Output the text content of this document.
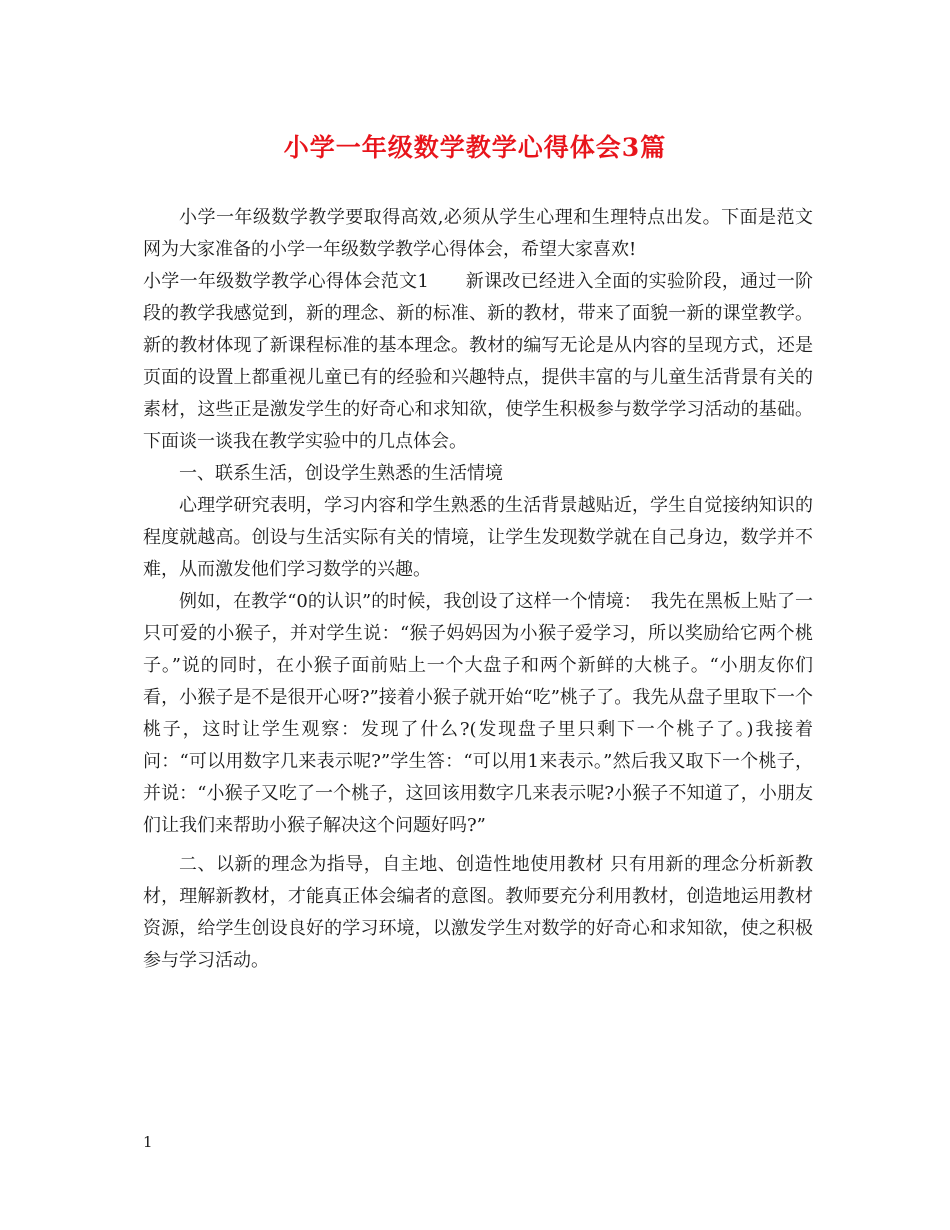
小学一年级数学教学心得体会3篇

小学一年级数学教学要取得高效,必须从学生心理和生理特点出发。下面是范文网为大家准备的小学一年级数学教学心得体会，希望大家喜欢!

小学一年级数学教学心得体会范文1　　新课改已经进入全面的实验阶段，通过一阶段的教学我感觉到，新的理念、新的标准、新的教材，带来了面貌一新的课堂教学。新的教材体现了新课程标准的基本理念。教材的编写无论是从内容的呈现方式，还是页面的设置上都重视儿童已有的经验和兴趣特点，提供丰富的与儿童生活背景有关的素材，这些正是激发学生的好奇心和求知欲，使学生积极参与数学学习活动的基础。下面谈一谈我在教学实验中的几点体会。

一、联系生活，创设学生熟悉的生活情境

心理学研究表明，学习内容和学生熟悉的生活背景越贴近，学生自觉接纳知识的程度就越高。创设与生活实际有关的情境，让学生发现数学就在自己身边，数学并不难，从而激发他们学习数学的兴趣。

例如，在教学“0的认识”的时候，我创设了这样一个情境：　我先在黑板上贴了一只可爱的小猴子，并对学生说：“猴子妈妈因为小猴子爱学习，所以奖励给它两个桃子。”说的同时，在小猴子面前贴上一个大盘子和两个新鲜的大桃子。“小朋友你们看，小猴子是不是很开心呀?”接着小猴子就开始“吃”桃子了。我先从盘子里取下一个桃子，这时让学生观察：发现了什么?(发现盘子里只剩下一个桃子了。)我接着问：“可以用数字几来表示呢?”学生答：“可以用1来表示。”然后我又取下一个桃子，并说：“小猴子又吃了一个桃子，这回该用数字几来表示呢?小猴子不知道了，小朋友们让我们来帮助小猴子解决这个问题好吗?”

二、以新的理念为指导，自主地、创造性地使用教材 只有用新的理念分析新教材，理解新教材，才能真正体会编者的意图。教师要充分利用教材，创造地运用教材资源，给学生创设良好的学习环境，以激发学生对数学的好奇心和求知欲，使之积极参与学习活动。

1
